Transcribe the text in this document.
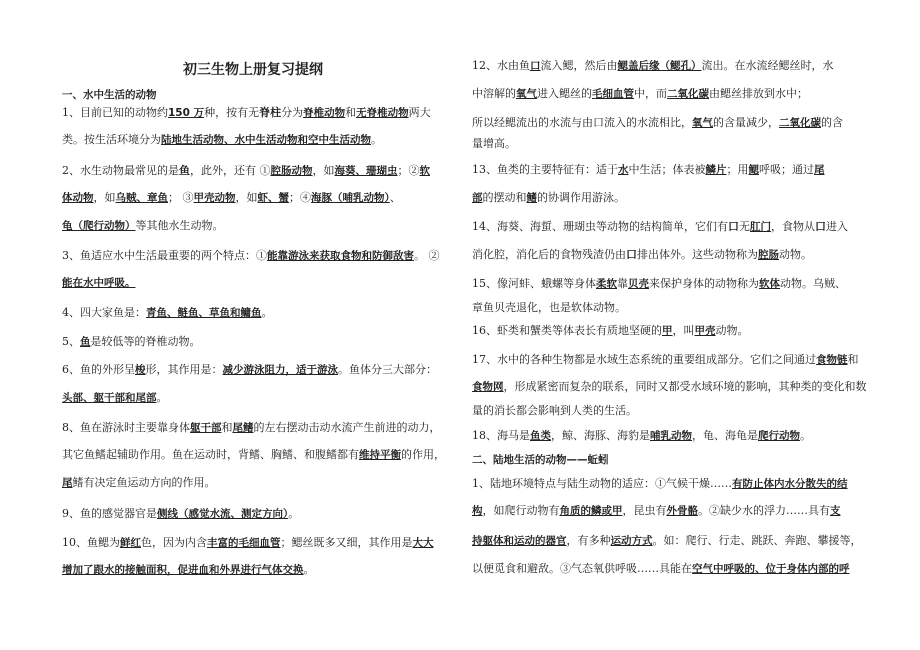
初三生物上册复习提纲
一、水中生活的动物
1、目前已知的动物约150 万种，按有无脊柱分为脊椎动物和无脊椎动物两大
类。按生活环境分为陆地生活动物、水中生活动物和空中生活动物。
2、水生动物最常见的是鱼，此外，还有 ①腔肠动物，如海葵、珊瑚虫；②软
体动物，如乌贼、章鱼； ③甲壳动物，如虾、蟹；④海豚（哺乳动物）、
龟（爬行动物）等其他水生动物。
3、鱼适应水中生活最重要的两个特点：①能靠游泳来获取食物和防御敌害。 ②
能在水中呼吸。
4、四大家鱼是：青鱼、鲢鱼、草鱼和鳙鱼。
5、鱼是较低等的脊椎动物。
6、鱼的外形呈梭形，其作用是：减少游泳阻力，适于游泳。鱼体分三大部分：
头部、躯干部和尾部。
8、鱼在游泳时主要靠身体躯干部和尾鳍的左右摆动击动水流产生前进的动力，
其它鱼鳍起辅助作用。鱼在运动时，背鳍、胸鳍、和腹鳍都有维持平衡的作用，
尾鳍有决定鱼运动方向的作用。
9、鱼的感觉器官是侧线（感觉水流、测定方向）。
10、鱼鳃为鲜红色，因为内含丰富的毛细血管；鳃丝既多又细，其作用是大大
增加了跟水的接触面积，促进血和外界进行气体交换。
12、水由鱼口流入鳃，然后由鳃盖后缘（鳃孔）流出。在水流经鳃丝时，水
中溶解的氧气进入鳃丝的毛细血管中，而二氧化碳由鳃丝排放到水中；
所以经鳃流出的水流与由口流入的水流相比，氧气的含量减少，二氧化碳的含
量增高。
13、鱼类的主要特征有：适于水中生活；体表被鳞片；用鳃呼吸；通过尾
部的摆动和鳍的协调作用游泳。
14、海葵、海蜇、珊瑚虫等动物的结构简单，它们有口无肛门，食物从口进入
消化腔，消化后的食物残渣仍由口排出体外。这些动物称为腔肠动物。
15、像河蚌、蛾螺等身体柔软靠贝壳来保护身体的动物称为软体动物。乌贼、
章鱼贝壳退化，也是软体动物。
16、虾类和蟹类等体表长有质地坚硬的甲，叫甲壳动物。
17、水中的各种生物都是水域生态系统的重要组成部分。它们之间通过食物链和
食物网，形成紧密而复杂的联系，同时又都受水域环境的影响，其种类的变化和数
量的消长都会影响到人类的生活。
18、海马是鱼类，鲸、海豚、海豹是哺乳动物，龟、海龟是爬行动物。
二、陆地生活的动物——蚯蚓
1、陆地环境特点与陆生动物的适应：①气候干燥……有防止体内水分散失的结
构，如爬行动物有角质的鳞或甲，昆虫有外骨骼。②缺少水的浮力……具有支
持躯体和运动的器官，有多种运动方式。如：爬行、行走、跳跃、奔跑、攀援等，
以便觅食和避敌。③气态氧供呼吸……具能在空气中呼吸的、位于身体内部的呼
